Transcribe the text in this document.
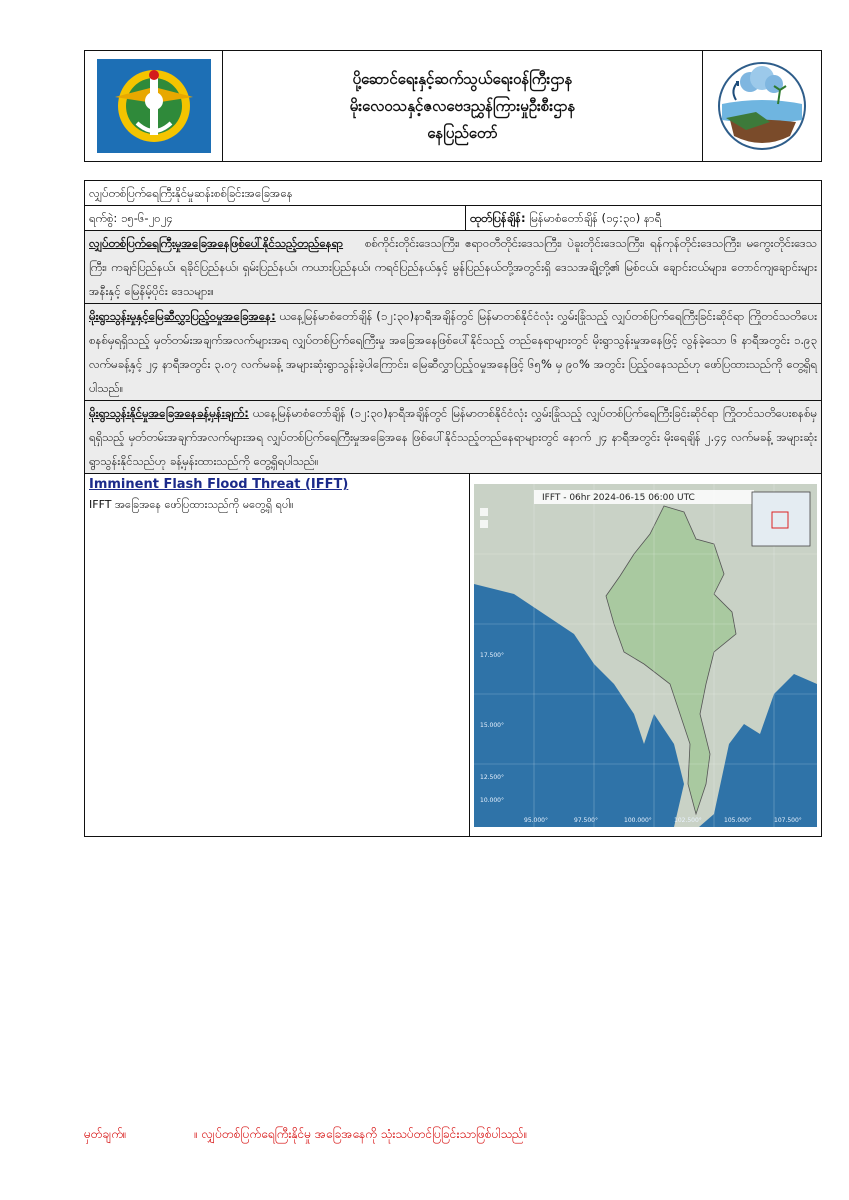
ပို့ဆောင်ရေးနှင့်ဆက်သွယ်ရေးဝန်ကြီးဌာန
မိုးလေဝသနှင့်ဇလဗေဒညွှန်ကြားမှုဦးစီးဌာန
နေပြည်တော်
လျှပ်တစ်ပြက်ရေကြီးနိုင်မှုဆန်းစစ်ခြင်းအခြေအနေ
ရက်စွဲ: ၁၅-၆-၂၀၂၄	ထုတ်ပြန်ချိန်: မြန်မာစံတော်ချိန် (၁၄:၃၀) နာရီ
လျှပ်တစ်ပြက်ရေကြီးမှုအခြေအနေဖြစ်ပေါ်နိုင်သည့်တည်နေရာ စစ်ကိုင်းတိုင်းဒေသကြီး၊ ဧရာဝတီတိုင်းဒေသကြီး၊ ပဲခူးတိုင်းဒေသကြီး၊ ရန်ကုန်တိုင်းဒေသကြီး၊ မကွေးတိုင်းဒေသကြီး၊ ကချင်ပြည်နယ်၊ ရခိုင်ပြည်နယ်၊ ရှမ်းပြည်နယ်၊ ကယားပြည်နယ်၊ ကရင်ပြည်နယ်နှင့် မွန်ပြည်နယ်တို့အတွင်းရှိ ဒေသအချို့တို့၏ မြစ်ငယ်၊ ချောင်းငယ်များ၊ တောင်ကျချောင်းများ အနီးနှင့် မြေနိမ့်ပိုင်း ဒေသများ။
မိုးရွာသွန်းမှုနှင့်မြေဆီလွှာပြည့်ဝမှုအခြေအနေ: ယနေ့မြန်မာစံတော်ချိန် (၁၂:၃၀)နာရီအချိန်တွင် မြန်မာတစ်နိုင်ငံလုံး လွှမ်းခြုံသည့် လျှပ်တစ်ပြက်ရေကြီးခြင်းဆိုင်ရာ ကြိုတင်သတိပေးစနစ်မှရရှိသည့် မှတ်တမ်းအချက်အလက်များအရ လျှပ်တစ်ပြက်ရေကြီးမှု အခြေအနေဖြစ်ပေါ်နိုင်သည့် တည်နေရာများတွင် မိုးရွာသွန်းမှုအနေဖြင့် လွန်ခဲ့သော ၆ နာရီအတွင်း ၁.၉၃ လက်မခန့်နှင့် ၂၄ နာရီအတွင်း ၃.၀၇ လက်မခန့် အများဆုံးရွာသွန်းခဲ့ပါကြောင်း၊ မြေဆီလွှာပြည့်ဝမှုအနေဖြင့် ၆၅% မှ ၉၀% အတွင်း ပြည့်ဝနေသည်ဟု ဖော်ပြထားသည်ကို တွေ့ရှိရပါသည်။
မိုးရွာသွန်းနိုင်မှုအခြေအနေခန့်မှန်းချက်: ယနေ့မြန်မာစံတော်ချိန် (၁၂:၃၀)နာရီအချိန်တွင် မြန်မာတစ်နိုင်ငံလုံး လွှမ်းခြုံသည့် လျှပ်တစ်ပြက်ရေကြီးခြင်းဆိုင်ရာ ကြိုတင်သတိပေးစနစ်မှ ရရှိသည့် မှတ်တမ်းအချက်အလက်များအရ လျှပ်တစ်ပြက်ရေကြီးမှုအခြေအနေ ဖြစ်ပေါ်နိုင်သည့်တည်နေရာများတွင် နောက် ၂၄ နာရီအတွင်း မိုးရေချိန် ၂.၄၄ လက်မခန့် အများဆုံး ရွာသွန်းနိုင်သည်ဟု ခန့်မှန်းထားသည်ကို တွေ့ရှိရပါသည်။
Imminent Flash Flood Threat (IFFT)
IFFT အခြေအနေ ဖော်ပြထားသည်ကို မတွေ့ရှိ ရပါ။
IFFT - 06hr 2024-06-15 06:00 UTC
17.500°
15.000°
12.500°
10.000°
95.000°	97.500°	100.000°	102.500°	105.000°	107.500°
မှတ်ချက်။	။ လျှပ်တစ်ပြက်ရေကြီးနိုင်မှု အခြေအနေကို သုံးသပ်တင်ပြခြင်းသာဖြစ်ပါသည်။
